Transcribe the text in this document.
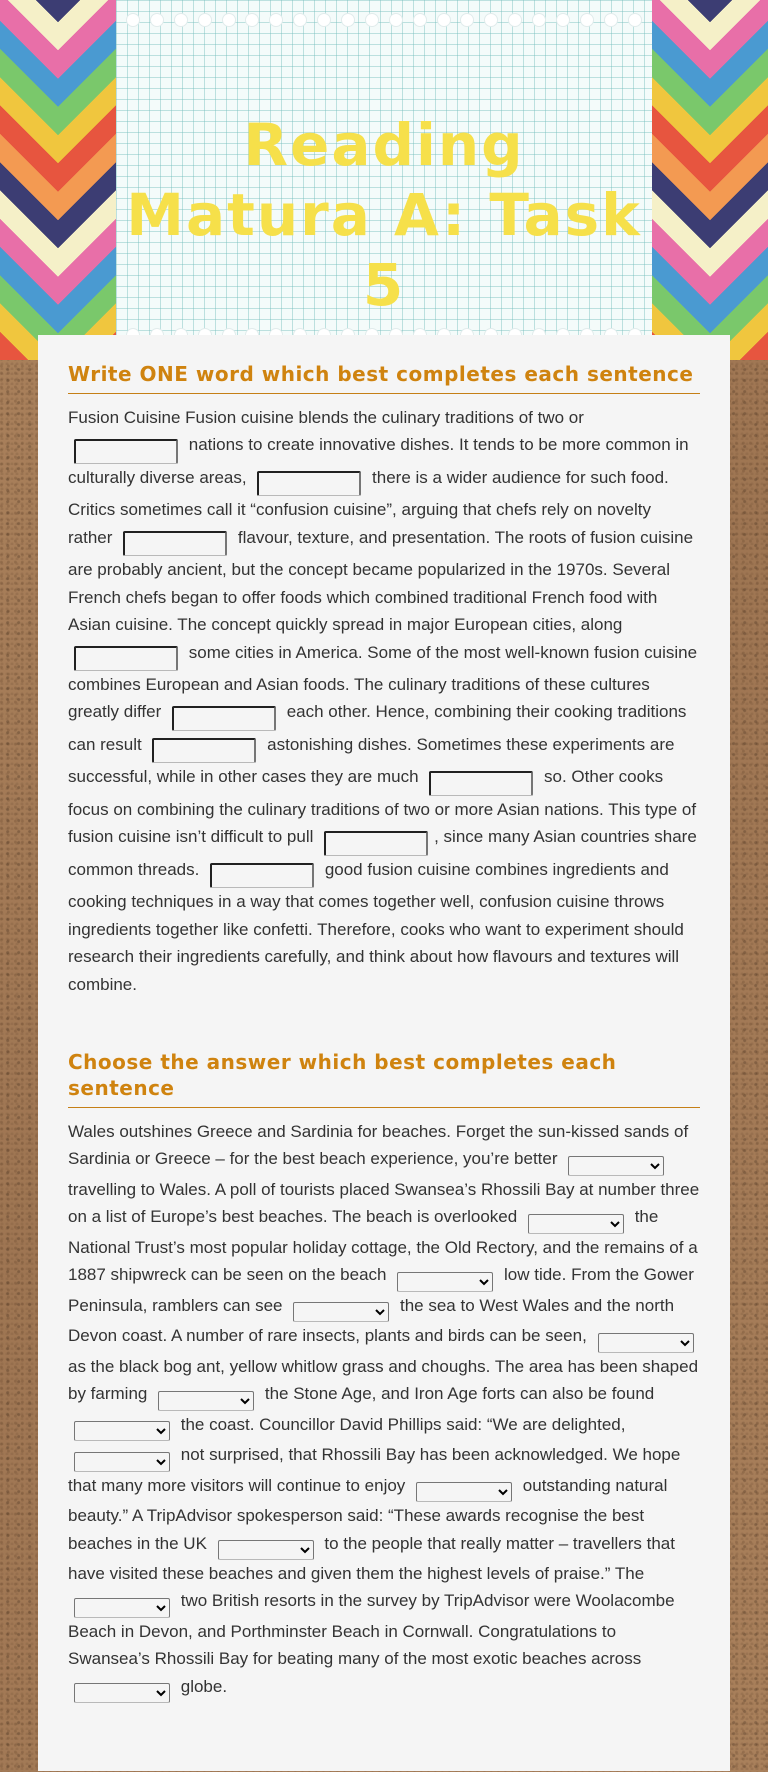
Reading Matura A: Task 5
Write ONE word which best completes each sentence

Fusion Cuisine Fusion cuisine blends the culinary traditions of two or  nations to create innovative dishes. It tends to be more common in culturally diverse areas,	there is a wider audience for such food. Critics sometimes call it “confusion cuisine”, arguing that chefs rely on novelty rather	flavour, texture, and presentation. The roots of fusion cuisine are probably ancient, but the concept became popularized in the 1970s. Several French chefs began to offer foods which combined traditional French food with Asian cuisine. The concept quickly spread in major European cities, along  some cities in America. Some of the most well-known fusion cuisine combines European and Asian foods. The culinary traditions of these cultures greatly differ	each other. Hence, combining their cooking traditions can result	astonishing dishes. Sometimes these experiments are successful, while in other cases they are much	so. Other cooks focus on combining the culinary traditions of two or more Asian nations. This type of fusion cuisine isn’t difficult to pull	, since many Asian countries share common threads.	good fusion cuisine combines ingredients and cooking techniques in a way that comes together well, confusion cuisine throws ingredients together like confetti. Therefore, cooks who want to experiment should research their ingredients carefully, and think about how flavours and textures will combine.

Choose the answer which best completes each sentence

Wales outshines Greece and Sardinia for beaches. Forget the sun-kissed sands of Sardinia or Greece – for the best beach experience, you’re better  travelling to Wales. A poll of tourists placed Swansea’s Rhossili Bay at number three on a list of Europe’s best beaches. The beach is overlooked	the National Trust’s most popular holiday cottage, the Old Rectory, and the remains of a 1887 shipwreck can be seen on the beach	low tide. From the Gower Peninsula, ramblers can see	the sea to West Wales and the north Devon coast. A number of rare insects, plants and birds can be seen,  as the black bog ant, yellow whitlow grass and choughs. The area has been shaped by farming	the Stone Age, and Iron Age forts can also be found  the coast. Councillor David Phillips said: “We are delighted,  not surprised, that Rhossili Bay has been acknowledged. We hope that many more visitors will continue to enjoy	outstanding natural beauty.” A TripAdvisor spokesperson said: “These awards recognise the best beaches in the UK	to the people that really matter – travellers that have visited these beaches and given them the highest levels of praise.” The  two British resorts in the survey by TripAdvisor were Woolacombe Beach in Devon, and Porthminster Beach in Cornwall. Congratulations to Swansea’s Rhossili Bay for beating many of the most exotic beaches across  globe.
